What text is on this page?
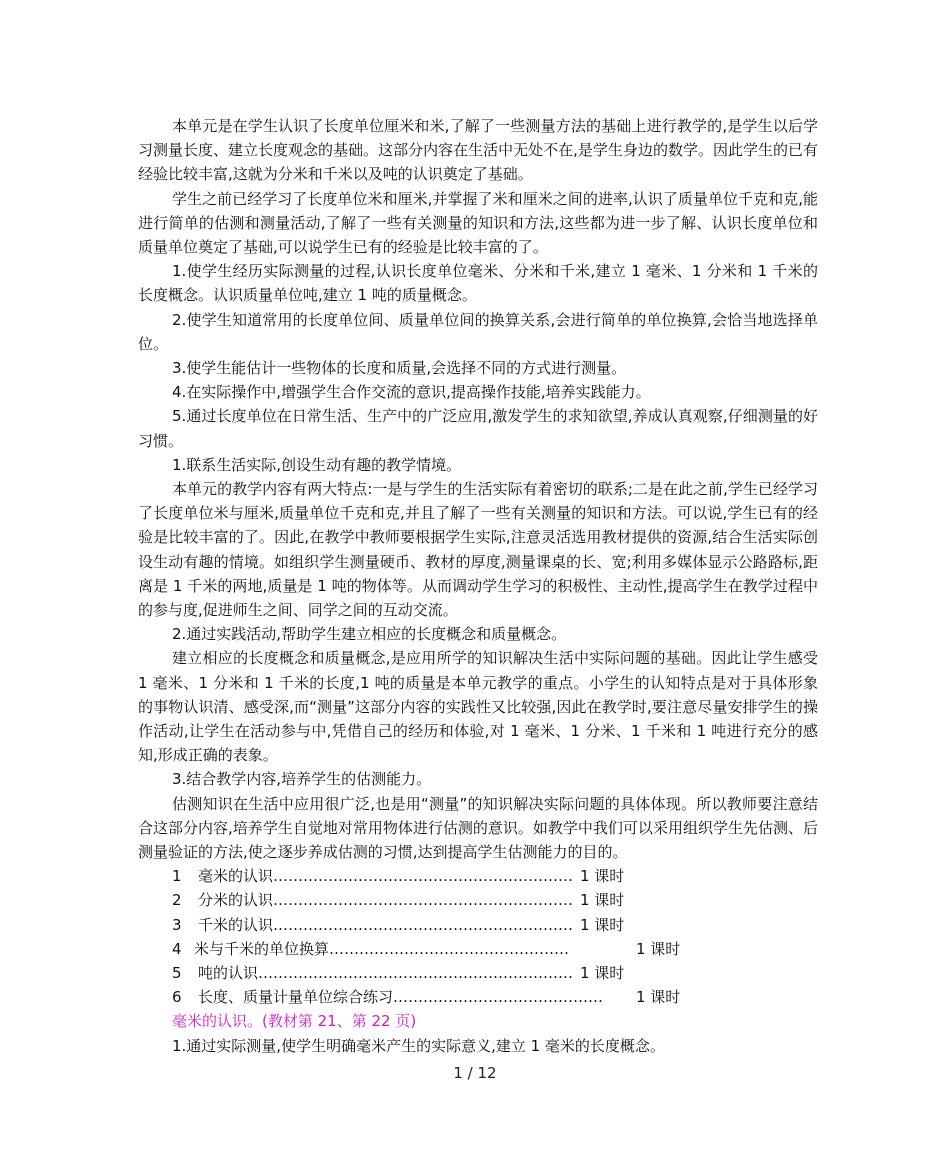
本单元是在学生认识了长度单位厘米和米,了解了一些测量方法的基础上进行教学的,是学生以后学习测量长度、建立长度观念的基础。这部分内容在生活中无处不在,是学生身边的数学。因此学生的已有经验比较丰富,这就为分米和千米以及吨的认识奠定了基础。

学生之前已经学习了长度单位米和厘米,并掌握了米和厘米之间的进率,认识了质量单位千克和克,能进行简单的估测和测量活动,了解了一些有关测量的知识和方法,这些都为进一步了解、认识长度单位和质量单位奠定了基础,可以说学生已有的经验是比较丰富的了。

1.使学生经历实际测量的过程,认识长度单位毫米、分米和千米,建立 1 毫米、1 分米和 1 千米的长度概念。认识质量单位吨,建立 1 吨的质量概念。

2.使学生知道常用的长度单位间、质量单位间的换算关系,会进行简单的单位换算,会恰当地选择单位。

3.使学生能估计一些物体的长度和质量,会选择不同的方式进行测量。

4.在实际操作中,增强学生合作交流的意识,提高操作技能,培养实践能力。

5.通过长度单位在日常生活、生产中的广泛应用,激发学生的求知欲望,养成认真观察,仔细测量的好习惯。

1.联系生活实际,创设生动有趣的教学情境。

本单元的教学内容有两大特点:一是与学生的生活实际有着密切的联系;二是在此之前,学生已经学习了长度单位米与厘米,质量单位千克和克,并且了解了一些有关测量的知识和方法。可以说,学生已有的经验是比较丰富的了。因此,在教学中教师要根据学生实际,注意灵活选用教材提供的资源,结合生活实际创设生动有趣的情境。如组织学生测量硬币、教材的厚度,测量课桌的长、宽;利用多媒体显示公路路标,距离是 1 千米的两地,质量是 1 吨的物体等。从而调动学生学习的积极性、主动性,提高学生在教学过程中的参与度,促进师生之间、同学之间的互动交流。

2.通过实践活动,帮助学生建立相应的长度概念和质量概念。

建立相应的长度概念和质量概念,是应用所学的知识解决生活中实际问题的基础。因此让学生感受 1 毫米、1 分米和 1 千米的长度,1 吨的质量是本单元教学的重点。小学生的认知特点是对于具体形象的事物认识清、感受深,而“测量”这部分内容的实践性又比较强,因此在教学时,要注意尽量安排学生的操作活动,让学生在活动参与中,凭借自己的经历和体验,对 1 毫米、1 分米、1 千米和 1 吨进行充分的感知,形成正确的表象。

3.结合教学内容,培养学生的估测能力。

估测知识在生活中应用很广泛,也是用“测量”的知识解决实际问题的具体体现。所以教师要注意结合这部分内容,培养学生自觉地对常用物体进行估测的意识。如教学中我们可以采用组织学生先估测、后测量验证的方法,使之逐步养成估测的习惯,达到提高学生估测能力的目的。

1 毫米的认识…………………………………………………… 1 课时
2 分米的认识…………………………………………………… 1 课时
3 千米的认识…………………………………………………… 1 课时
4 米与千米的单位换算…………………………………………	1 课时
5 吨的认识……………………………………………………… 1 课时
6 长度、质量计量单位综合练习…………………………………… 1 课时

毫米的认识。(教材第 21、第 22 页)

1.通过实际测量,使学生明确毫米产生的实际意义,建立 1 毫米的长度概念。

1 / 12
